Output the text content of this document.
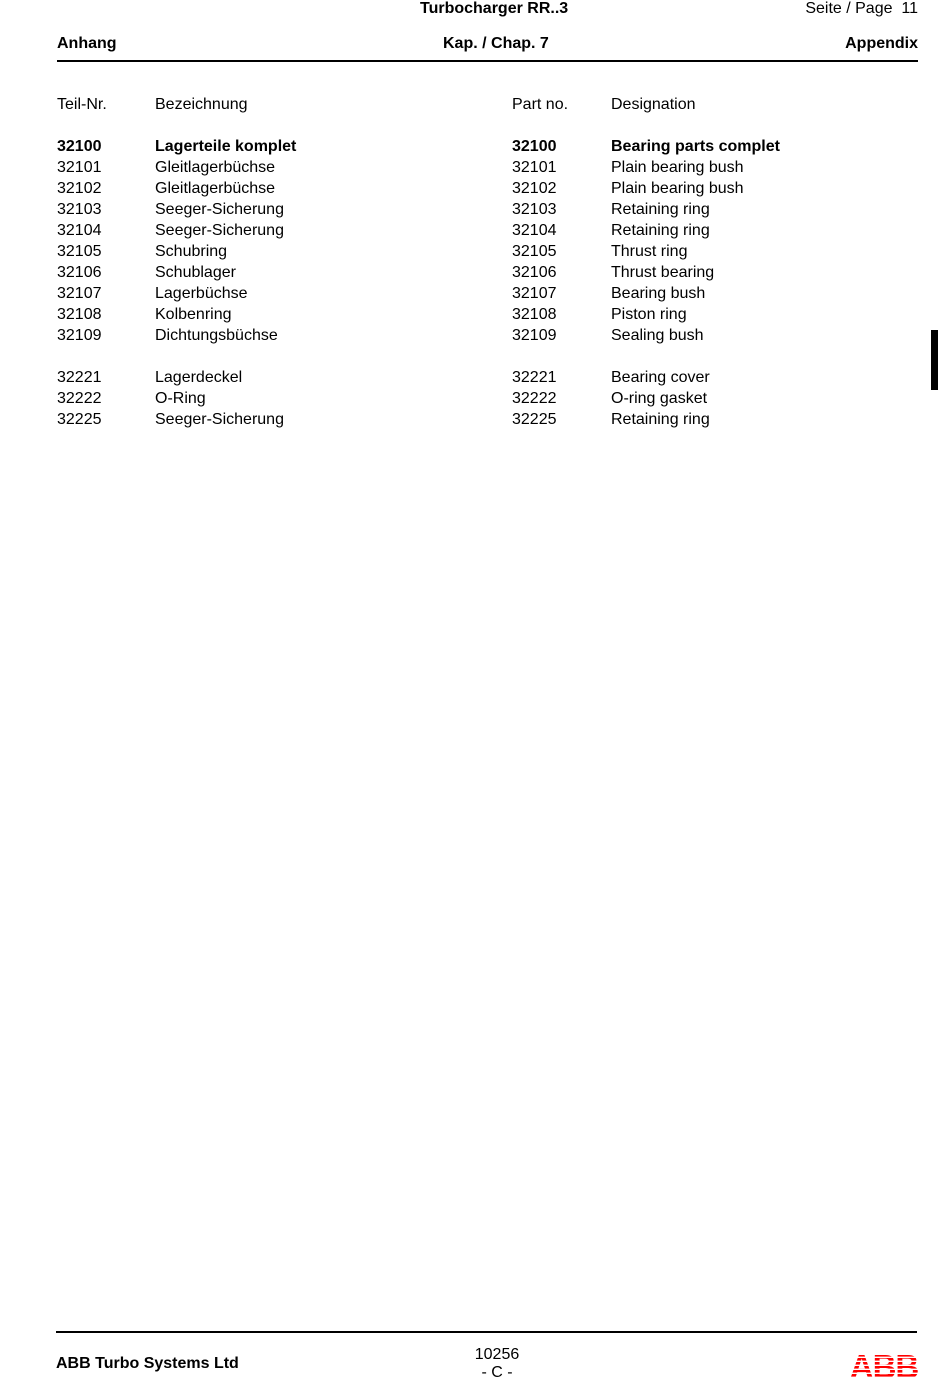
Turbocharger RR..3	Seite / Page 11
Anhang	Kap. / Chap. 7	Appendix
Teil-Nr.	Bezeichnung	Part no.	Designation
32100	Lagerteile komplet	32100	Bearing parts complet
32101	Gleitlagerbüchse	32101	Plain bearing bush
32102	Gleitlagerbüchse	32102	Plain bearing bush
32103	Seeger-Sicherung	32103	Retaining ring
32104	Seeger-Sicherung	32104	Retaining ring
32105	Schubring	32105	Thrust ring
32106	Schublager	32106	Thrust bearing
32107	Lagerbüchse	32107	Bearing bush
32108	Kolbenring	32108	Piston ring
32109	Dichtungsbüchse	32109	Sealing bush
32221	Lagerdeckel	32221	Bearing cover
32222	O-Ring	32222	O-ring gasket
32225	Seeger-Sicherung	32225	Retaining ring
ABB Turbo Systems Ltd
10256
- C -	ABB
